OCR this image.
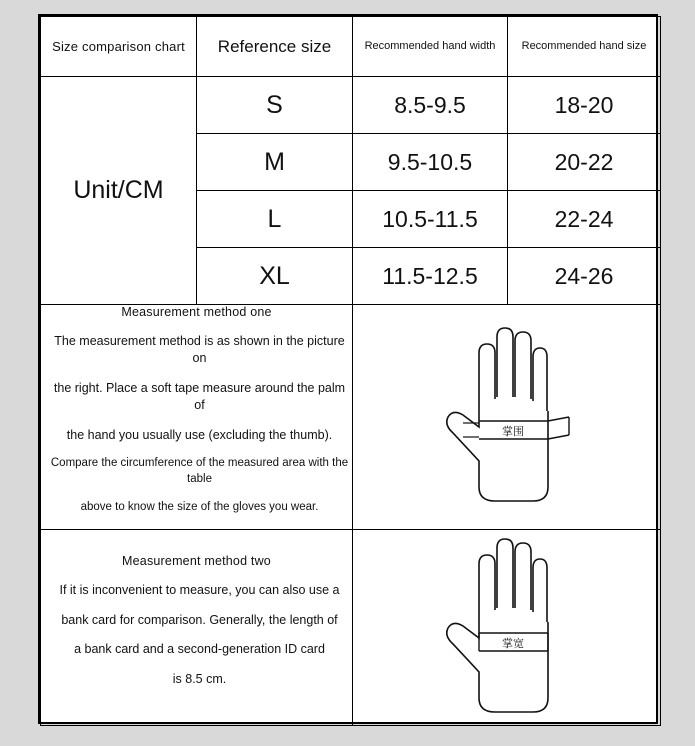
Size comparison chart	Reference size	Recommended hand width	Recommended hand size
Unit/CM	S	8.5-9.5	18-20
	M	9.5-10.5	20-22
	L	10.5-11.5	22-24
	XL	11.5-12.5	24-26

Measurement method one

The measurement method is as shown in the picture on

the right. Place a soft tape measure around the palm of

the hand you usually use (excluding the thumb).

Compare the circumference of the measured area with the table

above to know the size of the gloves you wear.

掌围

Measurement method two

If it is inconvenient to measure, you can also use a

bank card for comparison. Generally, the length of

a bank card and a second-generation ID card

is 8.5 cm.		掌宽	
